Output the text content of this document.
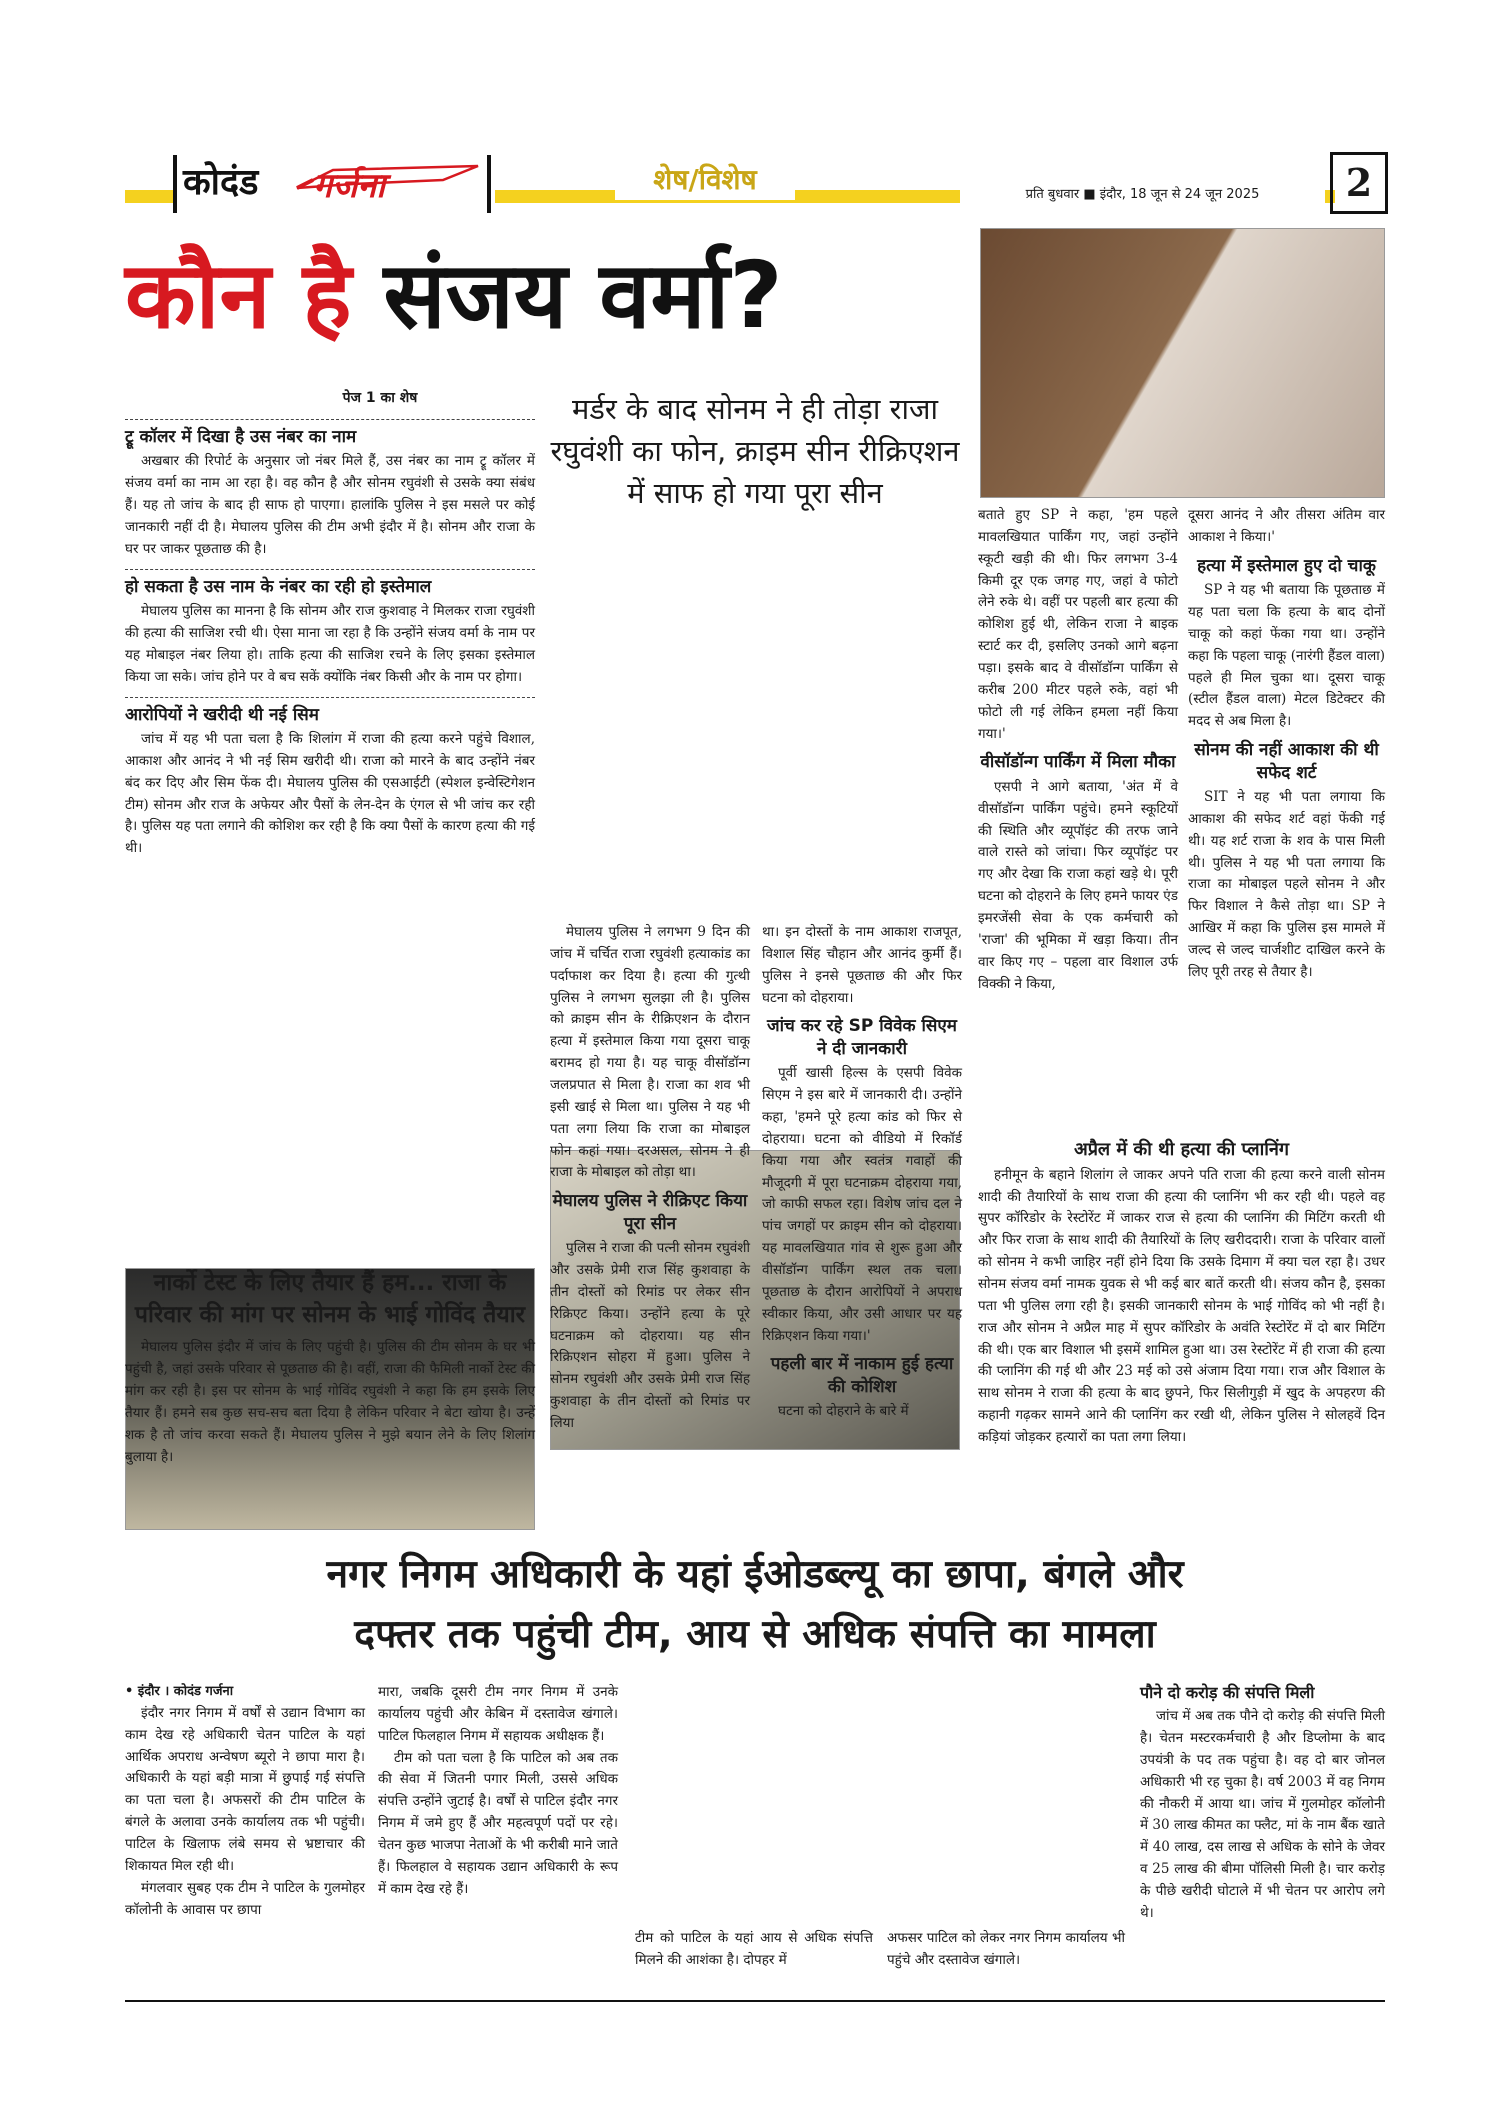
कोदंड	गर्जना	शेष/विशेष	प्रति बुधवार ■ इंदौर, 18 जून से 24 जून 2025	2
कौन है संजय वर्मा?
पेज 1 का शेष
ट्रू कॉलर में दिखा है उस नंबर का नाम

अखबार की रिपोर्ट के अनुसार जो नंबर मिले हैं, उस नंबर का नाम ट्रू कॉलर में संजय वर्मा का नाम आ रहा है। वह कौन है और सोनम रघुवंशी से उसके क्या संबंध हैं। यह तो जांच के बाद ही साफ हो पाएगा। हालांकि पुलिस ने इस मसले पर कोई जानकारी नहीं दी है। मेघालय पुलिस की टीम अभी इंदौर में है। सोनम और राजा के घर पर जाकर पूछताछ की है।

हो सकता है उस नाम के नंबर का रही हो इस्तेमाल

मेघालय पुलिस का मानना है कि सोनम और राज कुशवाह ने मिलकर राजा रघुवंशी की हत्या की साजिश रची थी। ऐसा माना जा रहा है कि उन्होंने संजय वर्मा के नाम पर यह मोबाइल नंबर लिया हो। ताकि हत्या की साजिश रचने के लिए इसका इस्तेमाल किया जा सके। जांच होने पर वे बच सकें क्योंकि नंबर किसी और के नाम पर होगा।

आरोपियों ने खरीदी थी नई सिम

जांच में यह भी पता चला है कि शिलांग में राजा की हत्या करने पहुंचे विशाल, आकाश और आनंद ने भी नई सिम खरीदी थी। राजा को मारने के बाद उन्होंने नंबर बंद कर दिए और सिम फेंक दी। मेघालय पुलिस की एसआईटी (स्पेशल इन्वेस्टिगेशन टीम) सोनम और राज के अफेयर और पैसों के लेन-देन के एंगल से भी जांच कर रही है। पुलिस यह पता लगाने की कोशिश कर रही है कि क्या पैसों के कारण हत्या की गई थी।

नार्को टेस्ट के लिए तैयार हैं हम... राजा के परिवार की मांग पर सोनम के भाई गोविंद तैयार

मेघालय पुलिस इंदौर में जांच के लिए पहुंची है। पुलिस की टीम सोनम के घर भी पहुंची है, जहां उसके परिवार से पूछताछ की है। वहीं, राजा की फैमिली नार्को टेस्ट की मांग कर रही है। इस पर सोनम के भाई गोविंद रघुवंशी ने कहा कि हम इसके लिए तैयार हैं। हमने सब कुछ सच-सच बता दिया है लेकिन परिवार ने बेटा खोया है। उन्हें शक है तो जांच करवा सकते हैं। मेघालय पुलिस ने मुझे बयान लेने के लिए शिलांग बुलाया है।

मर्डर के बाद सोनम ने ही तोड़ा राजा रघुवंशी का फोन, क्राइम सीन रीक्रिएशन में साफ हो गया पूरा सीन

मेघालय पुलिस ने लगभग 9 दिन की जांच में चर्चित राजा रघुवंशी हत्याकांड का पर्दाफाश कर दिया है। हत्या की गुत्थी पुलिस ने लगभग सुलझा ली है। पुलिस को क्राइम सीन के रीक्रिएशन के दौरान हत्या में इस्तेमाल किया गया दूसरा चाकू बरामद हो गया है। यह चाकू वीसॉडॉन्ग जलप्रपात से मिला है। राजा का शव भी इसी खाई से मिला था। पुलिस ने यह भी पता लगा लिया कि राजा का मोबाइल फोन कहां गया। दरअसल, सोनम ने ही राजा के मोबाइल को तोड़ा था।

मेघालय पुलिस ने रीक्रिएट किया पूरा सीन

पुलिस ने राजा की पत्नी सोनम रघुवंशी और उसके प्रेमी राज सिंह कुशवाहा के तीन दोस्तों को रिमांड पर लेकर सीन रिक्रिएट किया। उन्होंने हत्या के पूरे घटनाक्रम को दोहराया। यह सीन रिक्रिएशन सोहरा में हुआ। पुलिस ने सोनम रघुवंशी और उसके प्रेमी राज सिंह कुशवाहा के तीन दोस्तों को रिमांड पर लिया

था। इन दोस्तों के नाम आकाश राजपूत, विशाल सिंह चौहान और आनंद कुर्मी हैं। पुलिस ने इनसे पूछताछ की और फिर घटना को दोहराया।

जांच कर रहे SP विवेक सिएम ने दी जानकारी

पूर्वी खासी हिल्स के एसपी विवेक सिएम ने इस बारे में जानकारी दी। उन्होंने कहा, 'हमने पूरे हत्या कांड को फिर से दोहराया। घटना को वीडियो में रिकॉर्ड किया गया और स्वतंत्र गवाहों की मौजूदगी में पूरा घटनाक्रम दोहराया गया, जो काफी सफल रहा। विशेष जांच दल ने पांच जगहों पर क्राइम सीन को दोहराया। यह मावलखियात गांव से शुरू हुआ और वीसॉडॉन्ग पार्किंग स्थल तक चला। पूछताछ के दौरान आरोपियों ने अपराध स्वीकार किया, और उसी आधार पर यह रिक्रिएशन किया गया।'

पहली बार में नाकाम हुई हत्या की कोशिश

घटना को दोहराने के बारे में

बताते हुए SP ने कहा, 'हम पहले मावलखियात पार्किंग गए, जहां उन्होंने स्कूटी खड़ी की थी। फिर लगभग 3-4 किमी दूर एक जगह गए, जहां वे फोटो लेने रुके थे। वहीं पर पहली बार हत्या की कोशिश हुई थी, लेकिन राजा ने बाइक स्टार्ट कर दी, इसलिए उनको आगे बढ़ना पड़ा। इसके बाद वे वीसॉडॉन्ग पार्किंग से करीब 200 मीटर पहले रुके, वहां भी फोटो ली गई लेकिन हमला नहीं किया गया।'

वीसॉडॉन्ग पार्किंग में मिला मौका

एसपी ने आगे बताया, 'अंत में वे वीसॉडॉन्ग पार्किंग पहुंचे। हमने स्कूटियों की स्थिति और व्यूपॉइंट की तरफ जाने वाले रास्ते को जांचा। फिर व्यूपॉइंट पर गए और देखा कि राजा कहां खड़े थे। पूरी घटना को दोहराने के लिए हमने फायर एंड इमरजेंसी सेवा के एक कर्मचारी को 'राजा' की भूमिका में खड़ा किया। तीन वार किए गए – पहला वार विशाल उर्फ विक्की ने किया,

दूसरा आनंद ने और तीसरा अंतिम वार आकाश ने किया।'

हत्या में इस्तेमाल हुए दो चाकू

SP ने यह भी बताया कि पूछताछ में यह पता चला कि हत्या के बाद दोनों चाकू को कहां फेंका गया था। उन्होंने कहा कि पहला चाकू (नारंगी हैंडल वाला) पहले ही मिल चुका था। दूसरा चाकू (स्टील हैंडल वाला) मेटल डिटेक्टर की मदद से अब मिला है।

सोनम की नहीं आकाश की थी सफेद शर्ट

SIT ने यह भी पता लगाया कि आकाश की सफेद शर्ट वहां फेंकी गई थी। यह शर्ट राजा के शव के पास मिली थी। पुलिस ने यह भी पता लगाया कि राजा का मोबाइल पहले सोनम ने और फिर विशाल ने कैसे तोड़ा था। SP ने आखिर में कहा कि पुलिस इस मामले में जल्द से जल्द चार्जशीट दाखिल करने के लिए पूरी तरह से तैयार है।

अप्रैल में की थी हत्या की प्लानिंग

हनीमून के बहाने शिलांग ले जाकर अपने पति राजा की हत्या करने वाली सोनम शादी की तैयारियों के साथ राजा की हत्या की प्लानिंग भी कर रही थी। पहले वह सुपर कॉरिडोर के रेस्टोरेंट में जाकर राज से हत्या की प्लानिंग की मिटिंग करती थी और फिर राजा के साथ शादी की तैयारियों के लिए खरीददारी। राजा के परिवार वालों को सोनम ने कभी जाहिर नहीं होने दिया कि उसके दिमाग में क्या चल रहा है। उधर सोनम संजय वर्मा नामक युवक से भी कई बार बातें करती थी। संजय कौन है, इसका पता भी पुलिस लगा रही है। इसकी जानकारी सोनम के भाई गोविंद को भी नहीं है। राज और सोनम ने अप्रैल माह में सुपर कॉरिडोर के अवंति रेस्टोरेंट में दो बार मिटिंग की थी। एक बार विशाल भी इसमें शामिल हुआ था। उस रेस्टोरेंट में ही राजा की हत्या की प्लानिंग की गई थी और 23 मई को उसे अंजाम दिया गया। राज और विशाल के साथ सोनम ने राजा की हत्या के बाद छुपने, फिर सिलीगुड़ी में खुद के अपहरण की कहानी गढ़कर सामने आने की प्लानिंग कर रखी थी, लेकिन पुलिस ने सोलहवें दिन कड़ियां जोड़कर हत्यारों का पता लगा लिया।

नगर निगम अधिकारी के यहां ईओडब्ल्यू का छापा, बंगले और
दफ्तर तक पहुंची टीम, आय से अधिक संपत्ति का मामला
• इंदौर । कोदंड गर्जना

इंदौर नगर निगम में वर्षों से उद्यान विभाग का काम देख रहे अधिकारी चेतन पाटिल के यहां आर्थिक अपराध अन्वेषण ब्यूरो ने छापा मारा है। अधिकारी के यहां बड़ी मात्रा में छुपाई गई संपत्ति का पता चला है। अफसरों की टीम पाटिल के बंगले के अलावा उनके कार्यालय तक भी पहुंची। पाटिल के खिलाफ लंबे समय से भ्रष्टाचार की शिकायत मिल रही थी।

मंगलवार सुबह एक टीम ने पाटिल के गुलमोहर कॉलोनी के आवास पर छापा

मारा, जबकि दूसरी टीम नगर निगम में उनके कार्यालय पहुंची और केबिन में दस्तावेज खंगाले। पाटिल फिलहाल निगम में सहायक अधीक्षक हैं।

टीम को पता चला है कि पाटिल को अब तक की सेवा में जितनी पगार मिली, उससे अधिक संपत्ति उन्होंने जुटाई है। वर्षों से पाटिल इंदौर नगर निगम में जमे हुए हैं और महत्वपूर्ण पदों पर रहे। चेतन कुछ भाजपा नेताओं के भी करीबी माने जाते हैं। फिलहाल वे सहायक उद्यान अधिकारी के रूप में काम देख रहे हैं।

टीम को पाटिल के यहां आय से अधिक संपत्ति मिलने की आशंका है। दोपहर में

अफसर पाटिल को लेकर नगर निगम कार्यालय भी पहुंचे और दस्तावेज खंगाले।

पौने दो करोड़ की संपत्ति मिली

जांच में अब तक पौने दो करोड़ की संपत्ति मिली है। चेतन मस्टरकर्मचारी है और डिप्लोमा के बाद उपयंत्री के पद तक पहुंचा है। वह दो बार जोनल अधिकारी भी रह चुका है। वर्ष 2003 में वह निगम की नौकरी में आया था। जांच में गुलमोहर कॉलोनी में 30 लाख कीमत का फ्लैट, मां के नाम बैंक खाते में 40 लाख, दस लाख से अधिक के सोने के जेवर व 25 लाख की बीमा पॉलिसी मिली है। चार करोड़ के पीछे खरीदी घोटाले में भी चेतन पर आरोप लगे थे।
